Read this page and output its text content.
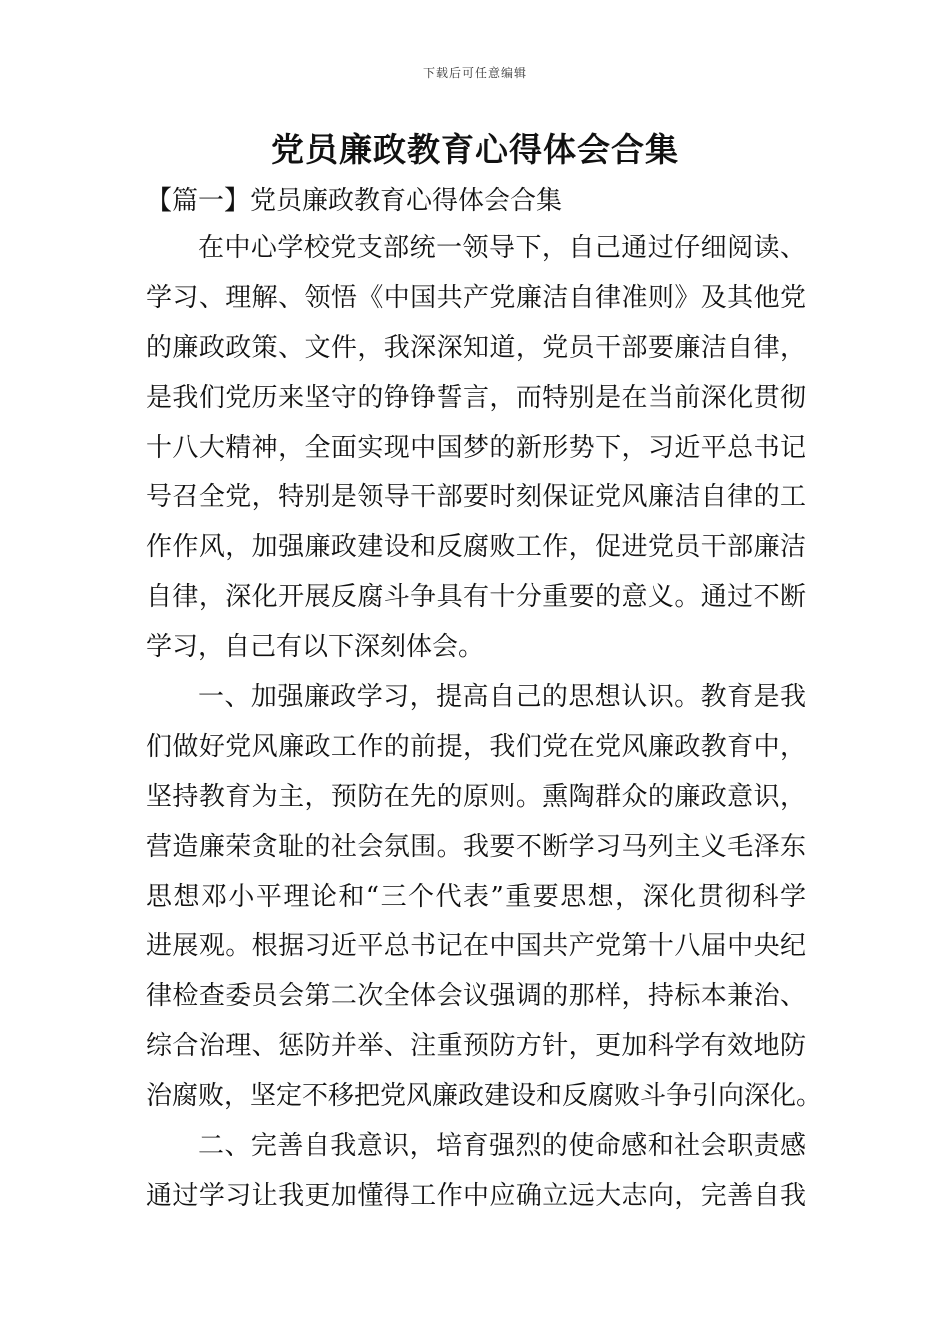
下载后可任意编辑
党员廉政教育心得体会合集
【篇一】党员廉政教育心得体会合集
在中心学校党支部统一领导下，自己通过仔细阅读、
学习、理解、领悟《中国共产党廉洁自律准则》及其他党
的廉政政策、文件，我深深知道，党员干部要廉洁自律，
是我们党历来坚守的铮铮誓言，而特别是在当前深化贯彻
十八大精神，全面实现中国梦的新形势下，习近平总书记
号召全党，特别是领导干部要时刻保证党风廉洁自律的工
作作风，加强廉政建设和反腐败工作，促进党员干部廉洁
自律，深化开展反腐斗争具有十分重要的意义。通过不断
学习，自己有以下深刻体会。
一、加强廉政学习，提高自己的思想认识。教育是我
们做好党风廉政工作的前提，我们党在党风廉政教育中，
坚持教育为主，预防在先的原则。熏陶群众的廉政意识，
营造廉荣贪耻的社会氛围。我要不断学习马列主义毛泽东
思想邓小平理论和“三个代表”重要思想，深化贯彻科学
进展观。根据习近平总书记在中国共产党第十八届中央纪
律检查委员会第二次全体会议强调的那样，持标本兼治、
综合治理、惩防并举、注重预防方针，更加科学有效地防
治腐败，坚定不移把党风廉政建设和反腐败斗争引向深化。
二、完善自我意识，培育强烈的使命感和社会职责感
通过学习让我更加懂得工作中应确立远大志向，完善自我
